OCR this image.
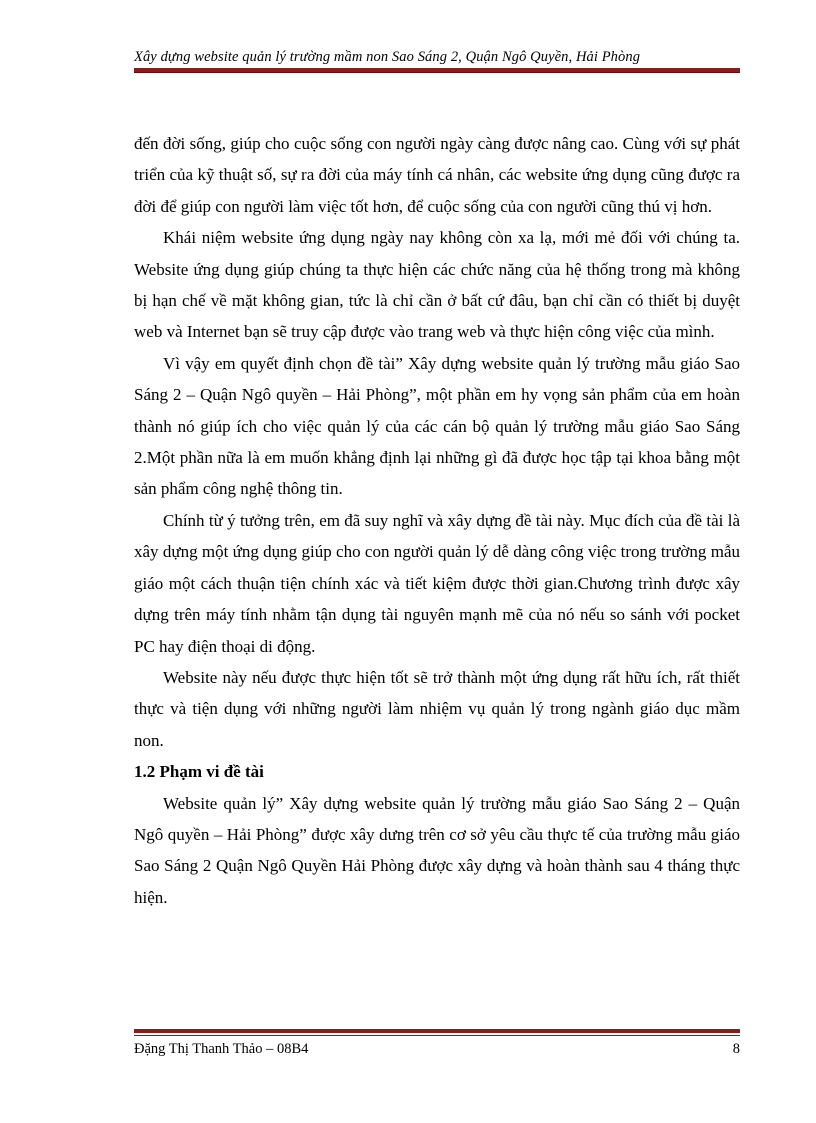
Xây dựng website quản lý trường mầm non Sao Sáng 2, Quận Ngô Quyền, Hải Phòng

đến đời sống, giúp cho cuộc sống con người ngày càng được nâng cao. Cùng với sự phát triển của kỹ thuật số, sự ra đời của máy tính cá nhân, các website ứng dụng cũng được ra đời để giúp con người làm việc tốt hơn, để cuộc sống của con người cũng thú vị hơn.

Khái niệm website ứng dụng ngày nay không còn xa lạ, mới mẻ đối với chúng ta. Website ứng dụng giúp chúng ta thực hiện các chức năng của hệ thống trong mà không bị hạn chế về mặt không gian, tức là chỉ cần ở bất cứ đâu, bạn chỉ cần có thiết bị duyệt web và Internet bạn sẽ truy cập được vào trang web và thực hiện công việc của mình.

Vì vậy em quyết định chọn đề tài” Xây dựng website quản lý trường mẫu giáo Sao Sáng 2 – Quận Ngô quyền – Hải Phòng”, một phần em hy vọng sản phẩm của em hoàn thành nó giúp ích cho việc quản lý của các cán bộ quản lý trường mẫu giáo Sao Sáng 2.Một phần nữa là em muốn khẳng định lại những gì đã được học tập tại khoa bằng một sản phẩm công nghệ thông tin.

Chính từ ý tưởng trên, em đã suy nghĩ và xây dựng đề tài này. Mục đích của đề tài là xây dựng một ứng dụng giúp cho con người quản lý dễ dàng công việc trong trường mẫu giáo một cách thuận tiện chính xác và tiết kiệm được thời gian.Chương trình được xây dựng trên máy tính nhằm tận dụng tài nguyên mạnh mẽ của nó nếu so sánh với pocket PC hay điện thoại di động.

Website này nếu được thực hiện tốt sẽ trở thành một ứng dụng rất hữu ích, rất thiết thực và tiện dụng với những người làm nhiệm vụ quản lý trong ngành giáo dục mầm non.

1.2 Phạm vi đề tài

Website quản lý” Xây dựng website quản lý trường mẫu giáo Sao Sáng 2 – Quận Ngô quyền – Hải Phòng” được xây dưng trên cơ sở yêu cầu thực tế của trường mẫu giáo Sao Sáng 2 Quận Ngô Quyền Hải Phòng được xây dựng và hoàn thành sau 4 tháng thực hiện.

Đặng Thị Thanh Thảo – 08B4	8
